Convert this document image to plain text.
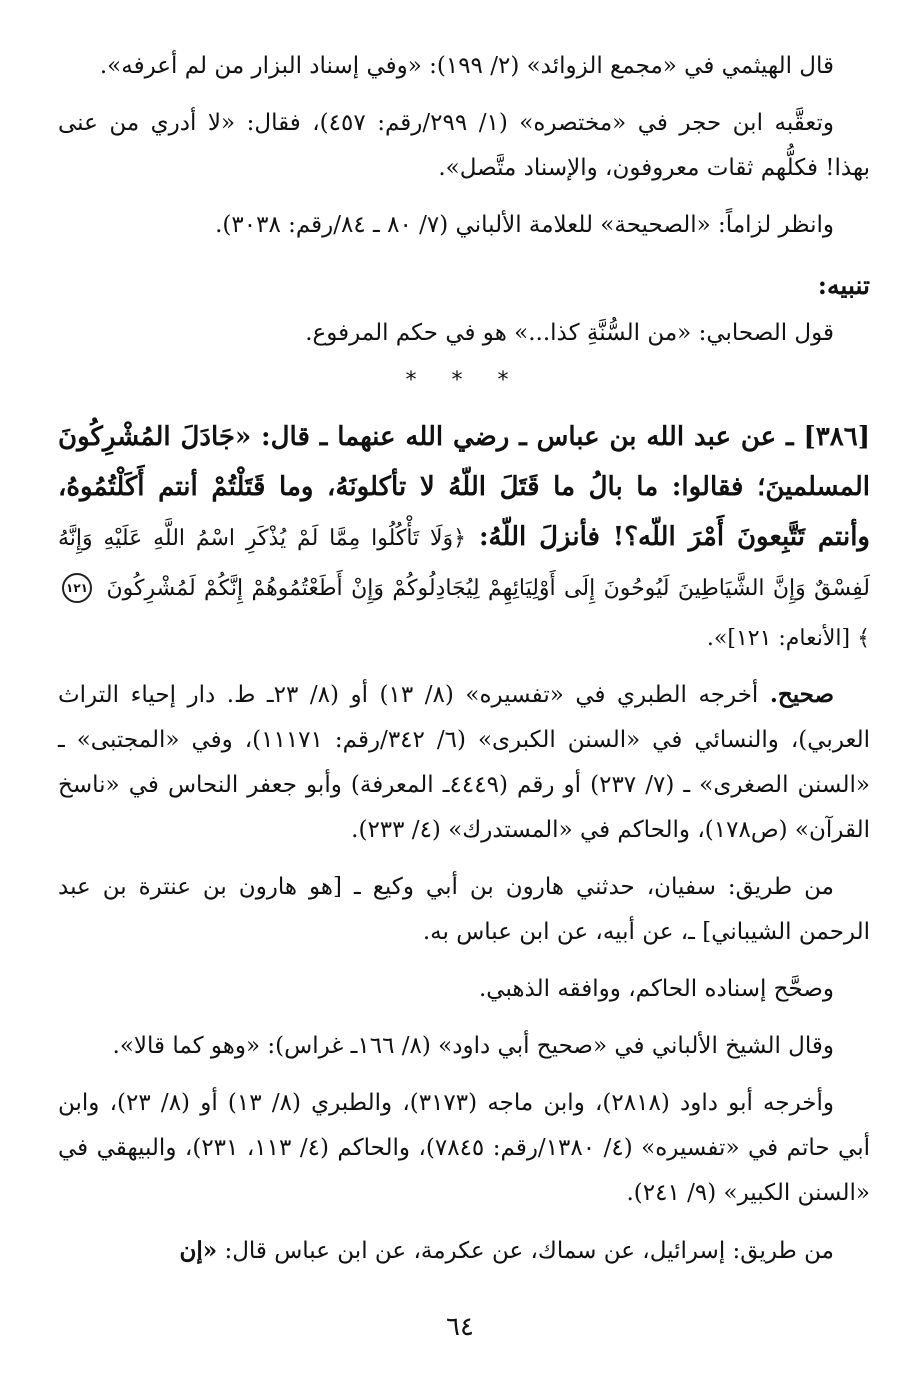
قال الهيثمي في «مجمع الزوائد» (٢/ ١٩٩): «وفي إسناد البزار من لم أعرفه».

وتعقَّبه ابن حجر في «مختصره» (١/ ٢٩٩/رقم: ٤٥٧)، فقال: «لا أدري من عنى بهذا! فكلُّهم ثقات معروفون، والإسناد متَّصل».

وانظر لزاماً: «الصحيحة» للعلامة الألباني (٧/ ٨٠ ـ ٨٤/رقم: ٣٠٣٨).

تنبيه:

قول الصحابي: «من السُّنَّةِ كذا...» هو في حكم المرفوع.

* * *

[٣٨٦] ـ عن عبد الله بن عباس ـ رضي الله عنهما ـ قال: «جَادَلَ المُشْرِكُونَ المسلمينَ؛ فقالوا: ما بالُ ما قَتَلَ اللّهُ لا تأكلونَهُ، وما قَتَلْتُمْ أنتم أَكَلْتُمُوهُ، وأنتم تَتَّبِعونَ أَمْرَ اللّه؟! فأنزلَ اللّهُ: ﴿وَلَا تَأْكُلُوا مِمَّا لَمْ يُذْكَرِ اسْمُ اللَّهِ عَلَيْهِ وَإِنَّهُ لَفِسْقٌ وَإِنَّ الشَّيَاطِينَ لَيُوحُونَ إِلَى أَوْلِيَائِهِمْ لِيُجَادِلُوكُمْ وَإِنْ أَطَعْتُمُوهُمْ إِنَّكُمْ لَمُشْرِكُونَ ١٢١ ﴾ [الأنعام: ١٢١]».

صحيح. أخرجه الطبري في «تفسيره» (٨/ ١٣) أو (٨/ ٢٣ـ ط. دار إحياء التراث العربي)، والنسائي في «السنن الكبرى» (٦/ ٣٤٢/رقم: ١١١٧١)، وفي «المجتبى» ـ «السنن الصغرى» ـ (٧/ ٢٣٧) أو رقم (٤٤٤٩ـ المعرفة) وأبو جعفر النحاس في «ناسخ القرآن» (ص١٧٨)، والحاكم في «المستدرك» (٤/ ٢٣٣).

من طريق: سفيان، حدثني هارون بن أبي وكيع ـ [هو هارون بن عنترة بن عبد الرحمن الشيباني] ـ، عن أبيه، عن ابن عباس به.

وصحَّح إسناده الحاكم، ووافقه الذهبي.

وقال الشيخ الألباني في «صحيح أبي داود» (٨/ ١٦٦ـ غراس): «وهو كما قالا».

وأخرجه أبو داود (٢٨١٨)، وابن ماجه (٣١٧٣)، والطبري (٨/ ١٣) أو (٨/ ٢٣)، وابن أبي حاتم في «تفسيره» (٤/ ١٣٨٠/رقم: ٧٨٤٥)، والحاكم (٤/ ١١٣، ٢٣١)، والبيهقي في «السنن الكبير» (٩/ ٢٤١).

من طريق: إسرائيل، عن سماك، عن عكرمة، عن ابن عباس قال: «إن

٦٤
